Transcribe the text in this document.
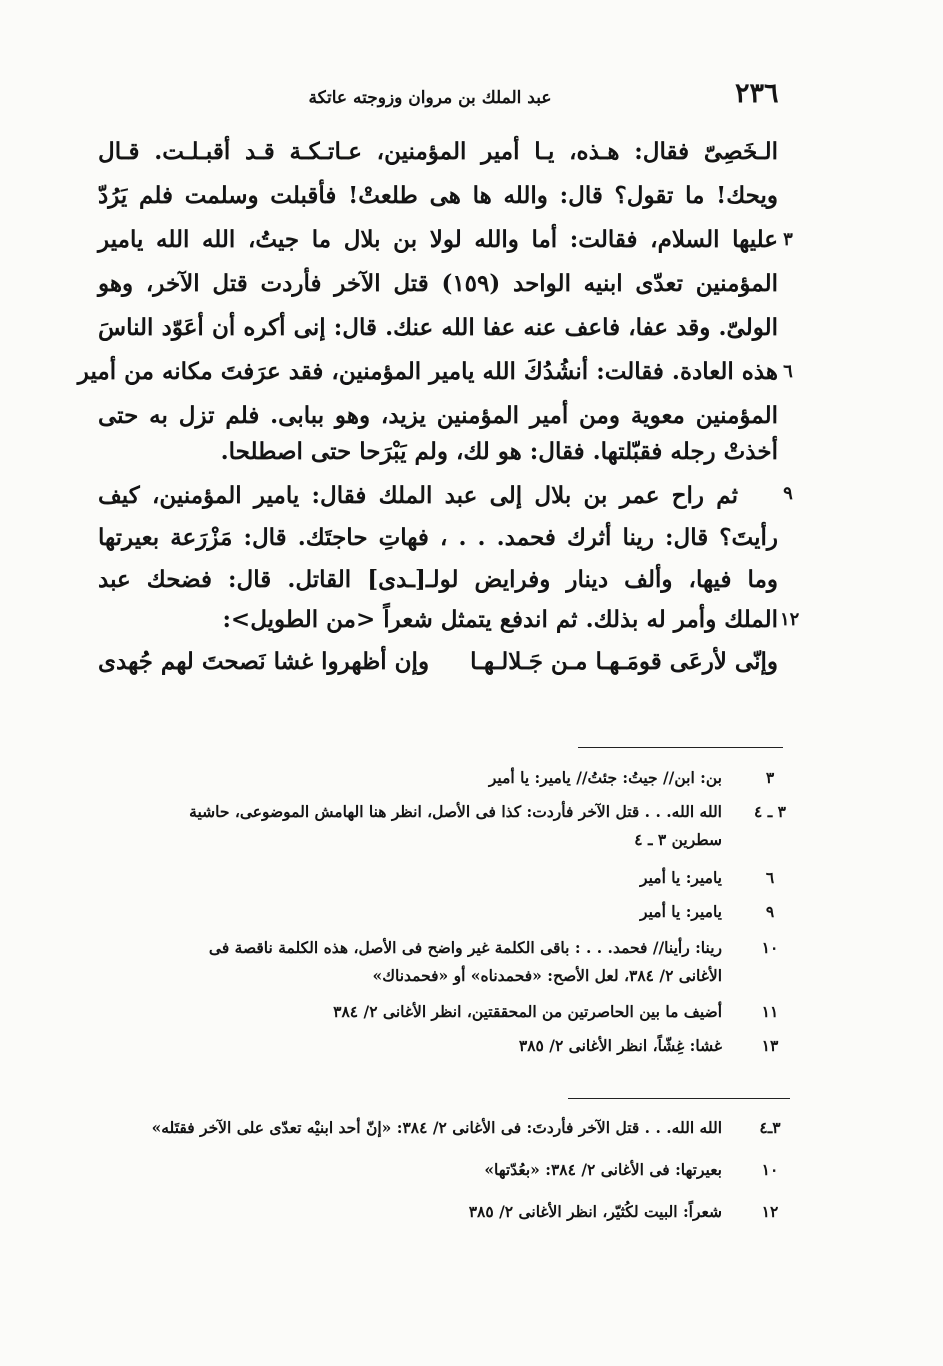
عبد الملك بن مروان وزوجته عاتكة	٢٣٦
الـخَصِىّ فقال: هـذه، يـا أمير المؤمنين، عـاتـكـة قـد أقبـلـت. قـال
ويحك! ما تقول؟ قال: والله ها هى طلعتْ! فأقبلت وسلمت فلم يَرُدّ
٣
عليها السلام، فقالت: أما والله لولا بن بلال ما جيتُ، الله الله يامير
المؤمنين تعدّى ابنيه الواحد (١٥٩) قتل الآخر فأردت قتل الآخر، وهو
الولىّ. وقد عفا، فاعف عنه عفا الله عنك. قال: إنى أكره أن أعَوّد الناسَ
٦
هذه العادة. فقالت: أنشُدُكَ الله يامير المؤمنين، فقد عرَفتَ مكانه من أمير
المؤمنين معوية ومن أمير المؤمنين يزيد، وهو ببابى. فلم تزل به حتى
أخذتْ رجله فقبّلتها. فقال: هو لك، ولم يَبْرَحا حتى اصطلحا.
٩
ثم راح عمر بن بلال إلى عبد الملك فقال: يامير المؤمنين، كيف
رأيتَ؟ قال: رينا أثرك فحمد. . . ، فهاتِ حاجتَك. قال: مَزْرَعة بعيرتها
وما فيها، وألف دينار وفرايض لولـ[ـدى] القاتل. قال: فضحك عبد
١٢
الملك وأمر له بذلك. ثم اندفع يتمثل شعراً <من الطويل>:
وإنّى لأرعَى قومَـهـا مـن جَـلالـهـا
وإن أظهروا غشا نَصحتَ لهم جُهدى
٣
بن: ابن// جيتُ: جئتُ// يامير: يا أمير
٣ ـ ٤
الله الله. . . قتل الآخر فأردت: كذا فى الأصل، انظر هنا الهامش الموضوعى، حاشية
سطرين ٣ ـ ٤
٦
يامير: يا أمير
٩
يامير: يا أمير
١٠
رينا: رأينا// فحمد. . . : باقى الكلمة غير واضح فى الأصل، هذه الكلمة ناقصة فى
الأغانى ٢/ ٣٨٤، لعل الأصح: «فحمدناه» أو «فحمدناك»
١١
أضيف ما بين الحاصرتين من المحققتين، انظر الأغانى ٢/ ٣٨٤
١٣
غشا: غِشّاً، انظر الأغانى ٢/ ٣٨٥
٣ـ٤
الله الله. . . قتل الآخر فأردتَ: فى الأغانى ٢/ ٣٨٤: «إنّ أحد ابنيْه تعدّى على الآخر فقتَله»
١٠
بعيرتها: فى الأغانى ٢/ ٣٨٤: «بعُدّتها»
١٢
شعراً: البيت لكُثيّر، انظر الأغانى ٢/ ٣٨٥
